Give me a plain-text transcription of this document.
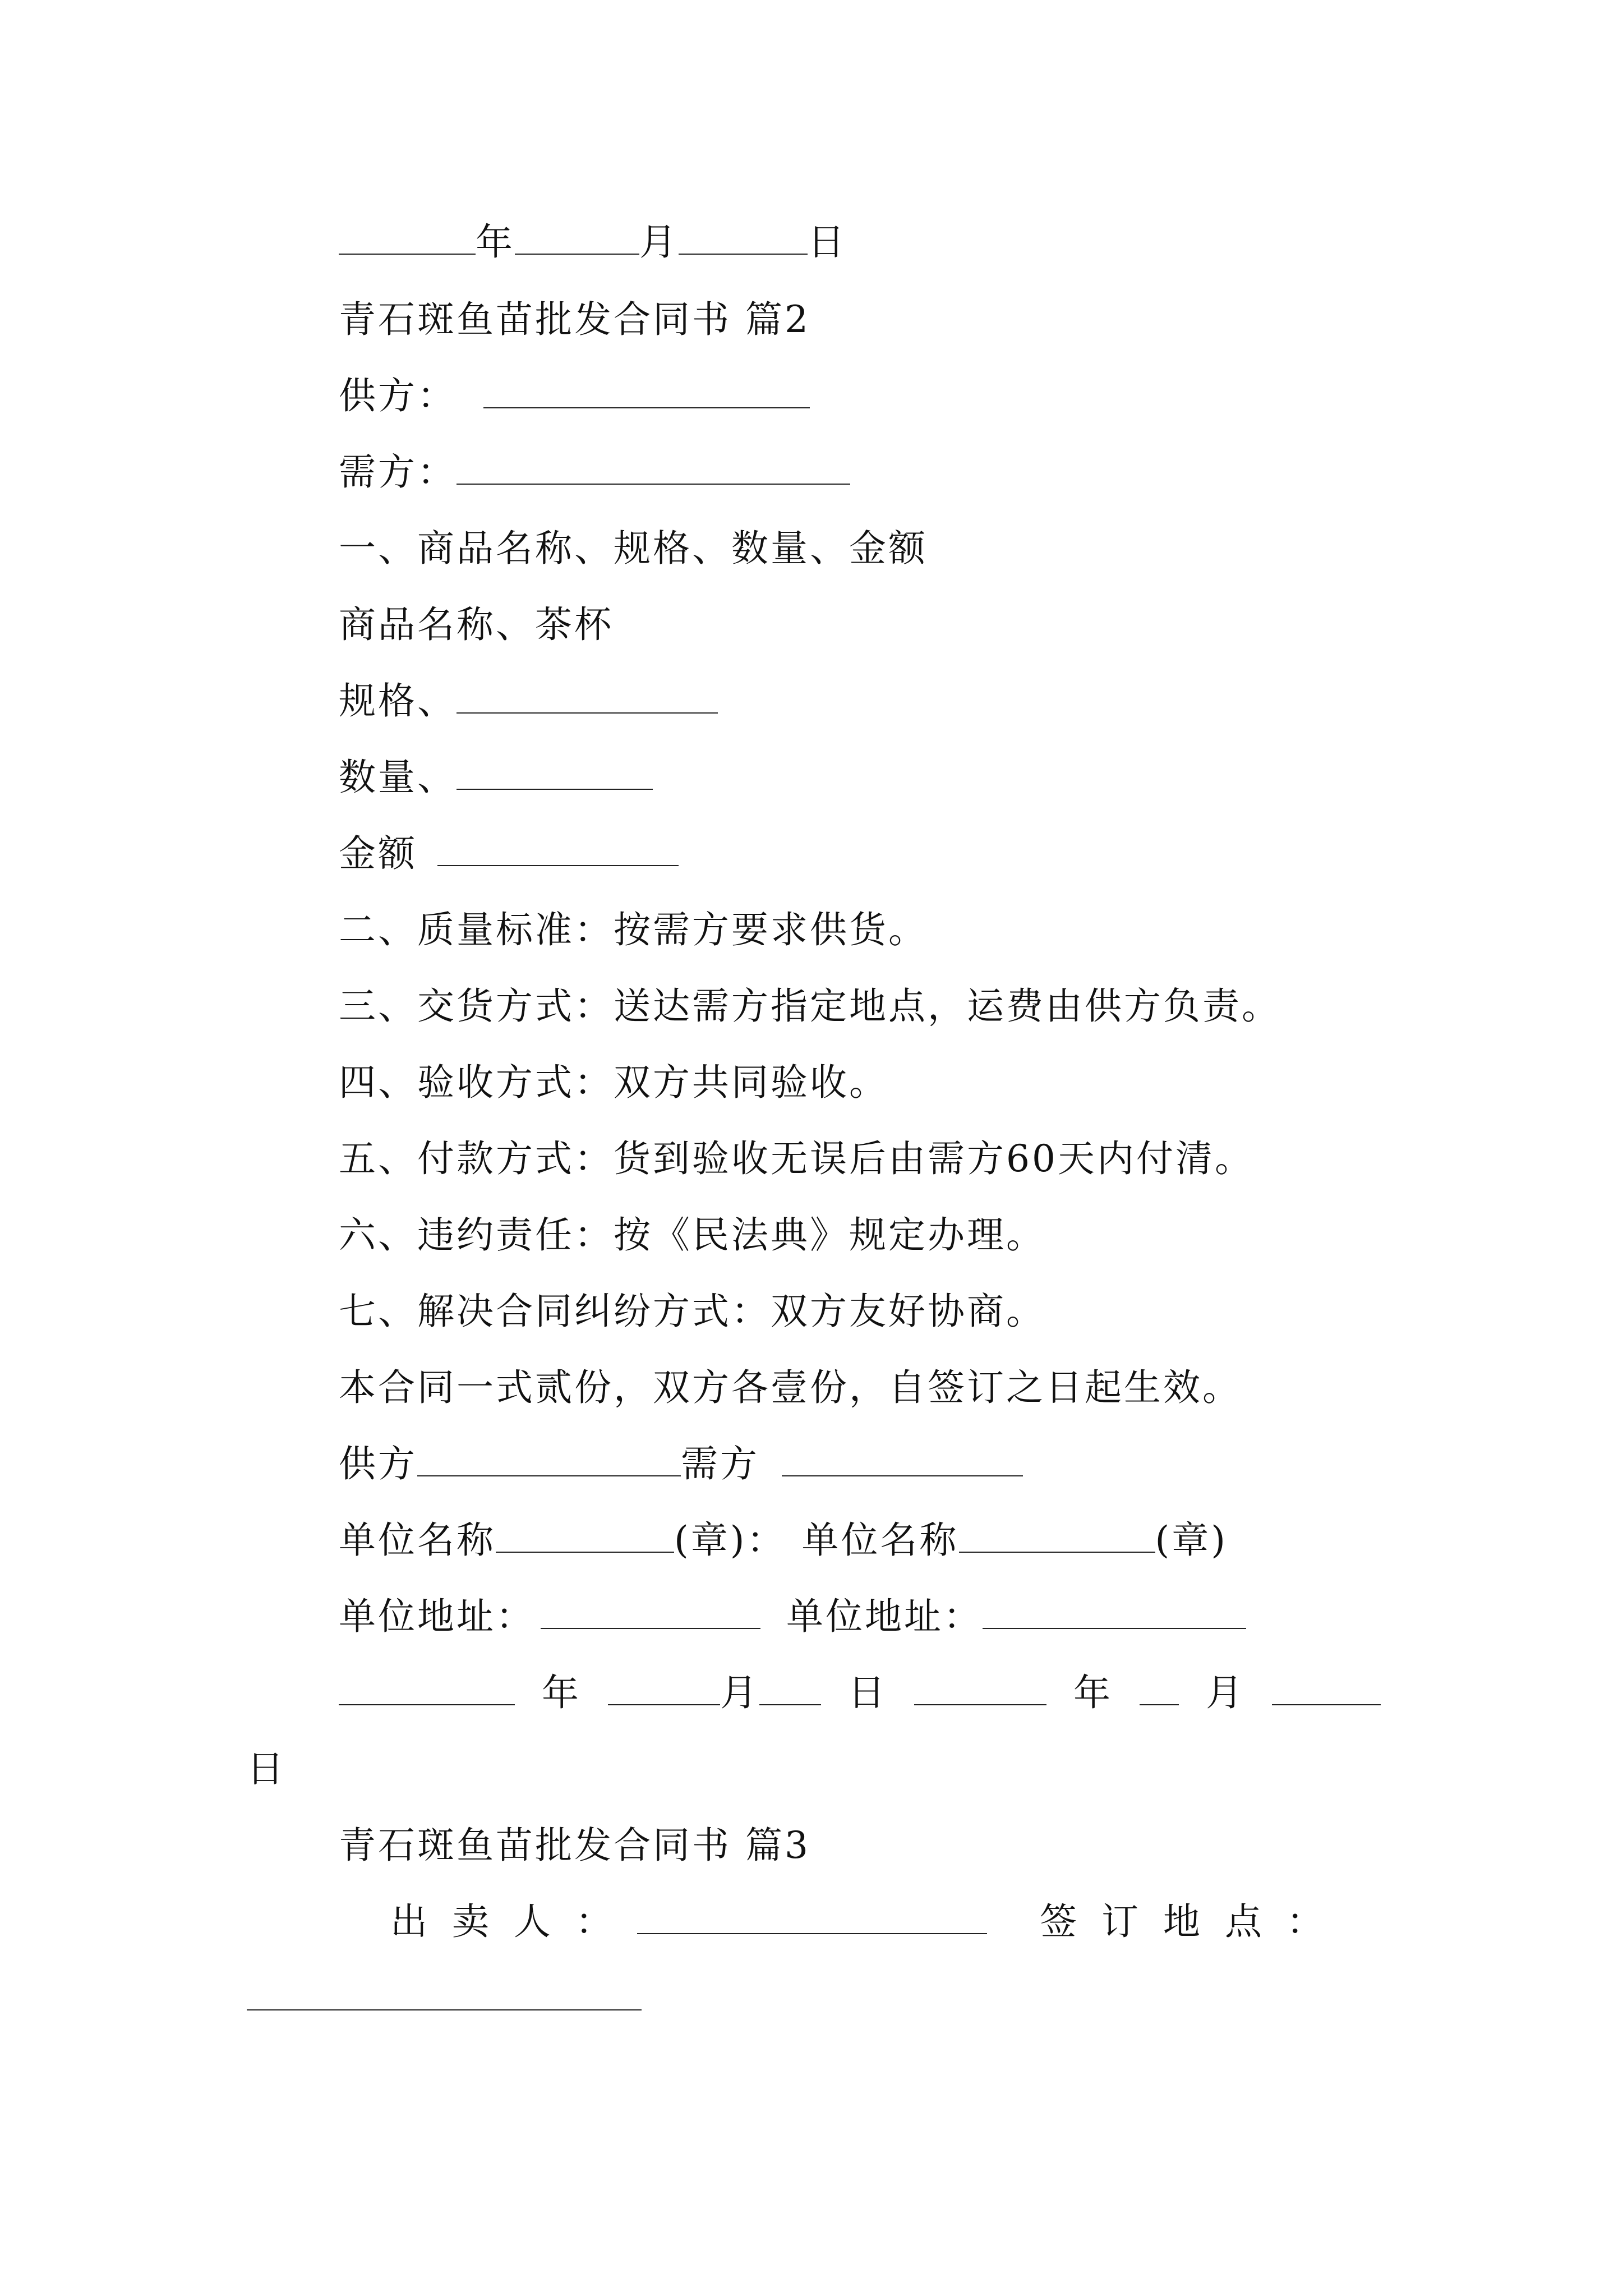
年	月	日
青石斑鱼苗批发合同书 篇2
供方：
需方：
一、商品名称、规格、数量、金额
商品名称、茶杯
规格、
数量、
金额
二、质量标准：按需方要求供货。
三、交货方式：送达需方指定地点，运费由供方负责。
四、验收方式：双方共同验收。
五、付款方式：货到验收无误后由需方60天内付清。
六、违约责任：按《民法典》规定办理。
七、解决合同纠纷方式：双方友好协商。
本合同一式贰份，双方各壹份，自签订之日起生效。
供方	需方
单位名称	(章)： 单位名称	(章)
单位地址：	单位地址：
年	月 日	年	月
日
青石斑鱼苗批发合同书 篇3
出卖人：	签订地点：
